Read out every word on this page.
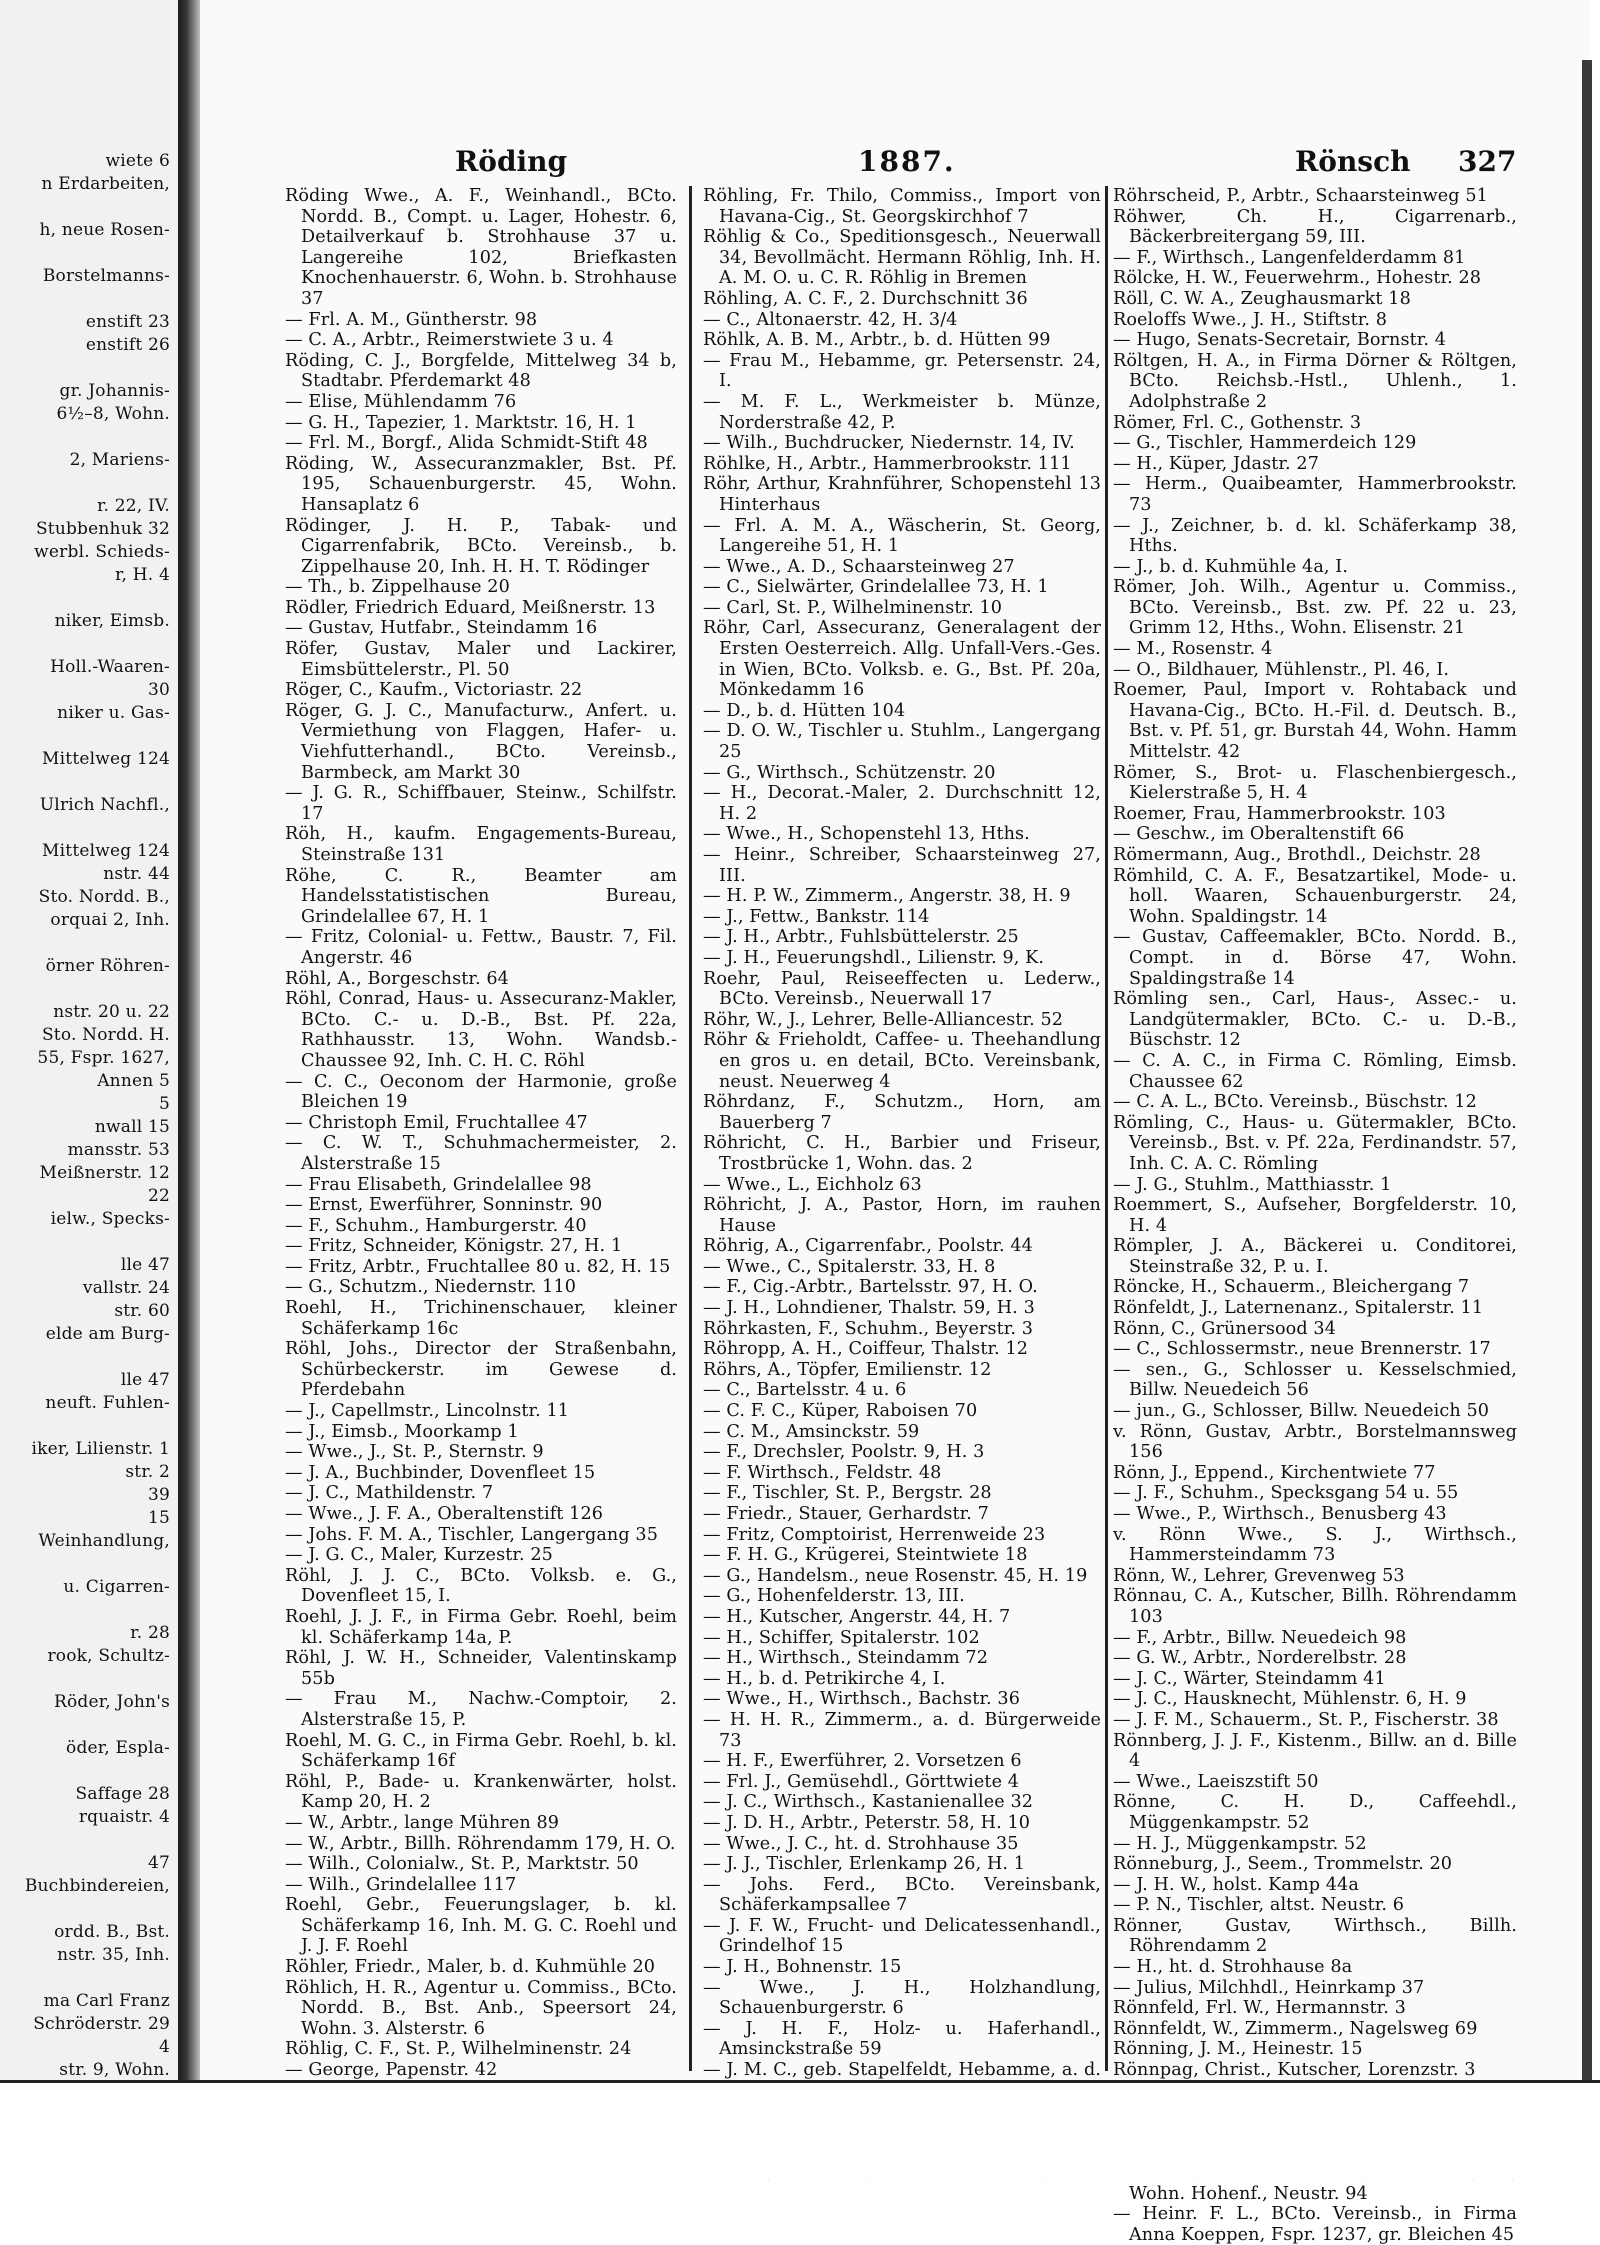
wiete 6
n Erdarbeiten,

h, neue Rosen-

Borstelmanns-

enstift 23
enstift 26

gr. Johannis-
6½–8, Wohn.

2, Mariens-

r. 22, IV.
Stubbenhuk 32
werbl. Schieds-
r, H. 4

niker, Eimsb.

Holl.-Waaren-
30
niker u. Gas-

Mittelweg 124

Ulrich Nachfl.,

Mittelweg 124
nstr. 44
Sto. Nordd. B.,
orquai 2, Inh.

örner Röhren-

nstr. 20 u. 22
Sto. Nordd. H.
55, Fspr. 1627,
Annen 5
5
nwall 15
mansstr. 53
Meißnerstr. 12
22
ielw., Specks-

lle 47
vallstr. 24
str. 60
elde am Burg-

lle 47
neuft. Fuhlen-

iker, Lilienstr. 1
str. 2
39
15
Weinhandlung,

u. Cigarren-

r. 28
rook, Schultz-

Röder, John's

öder, Espla-

Saffage 28
rquaistr. 4

47
Buchbindereien,

ordd. B., Bst.
nstr. 35, Inh.

ma Carl Franz
Schröderstr. 29
4
str. 9, Wohn.

Röding	1887.	Rönsch 327
Röding Wwe., A. F., Weinhandl., BCto. Nordd. B., Compt. u. Lager, Hohestr. 6, Detailverkauf b. Strohhause 37 u. Langereihe 102, Briefkasten Knochenhauerstr. 6, Wohn. b. Strohhause 37
— Frl. A. M., Güntherstr. 98
— C. A., Arbtr., Reimerstwiete 3 u. 4
Röding, C. J., Borgfelde, Mittelweg 34 b, Stadtabr. Pferdemarkt 48
— Elise, Mühlendamm 76
— G. H., Tapezier, 1. Marktstr. 16, H. 1
— Frl. M., Borgf., Alida Schmidt-Stift 48
Röding, W., Assecuranzmakler, Bst. Pf. 195, Schauenburgerstr. 45, Wohn. Hansaplatz 6
Rödinger, J. H. P., Tabak- und Cigarrenfabrik, BCto. Vereinsb., b. Zippelhause 20, Inh. H. H. T. Rödinger
— Th., b. Zippelhause 20
Rödler, Friedrich Eduard, Meißnerstr. 13
— Gustav, Hutfabr., Steindamm 16
Röfer, Gustav, Maler und Lackirer, Eimsbüttelerstr., Pl. 50
Röger, C., Kaufm., Victoriastr. 22
Röger, G. J. C., Manufacturw., Anfert. u. Vermiethung von Flaggen, Hafer- u. Viehfutterhandl., BCto. Vereinsb., Barmbeck, am Markt 30
— J. G. R., Schiffbauer, Steinw., Schilfstr. 17
Röh, H., kaufm. Engagements-Bureau, Steinstraße 131
Röhe, C. R., Beamter am Handelsstatistischen Bureau, Grindelallee 67, H. 1
— Fritz, Colonial- u. Fettw., Baustr. 7, Fil. Angerstr. 46
Röhl, A., Borgeschstr. 64
Röhl, Conrad, Haus- u. Assecuranz-Makler, BCto. C.- u. D.-B., Bst. Pf. 22a, Rathhausstr. 13, Wohn. Wandsb.-Chaussee 92, Inh. C. H. C. Röhl
— C. C., Oeconom der Harmonie, große Bleichen 19
— Christoph Emil, Fruchtallee 47
— C. W. T., Schuhmachermeister, 2. Alsterstraße 15
— Frau Elisabeth, Grindelallee 98
— Ernst, Ewerführer, Sonninstr. 90
— F., Schuhm., Hamburgerstr. 40
— Fritz, Schneider, Königstr. 27, H. 1
— Fritz, Arbtr., Fruchtallee 80 u. 82, H. 15
— G., Schutzm., Niedernstr. 110
Roehl, H., Trichinenschauer, kleiner Schäferkamp 16c
Röhl, Johs., Director der Straßenbahn, Schürbeckerstr. im Gewese d. Pferdebahn
— J., Capellmstr., Lincolnstr. 11
— J., Eimsb., Moorkamp 1
— Wwe., J., St. P., Sternstr. 9
— J. A., Buchbinder, Dovenfleet 15
— J. C., Mathildenstr. 7
— Wwe., J. F. A., Oberaltenstift 126
— Johs. F. M. A., Tischler, Langergang 35
— J. G. C., Maler, Kurzestr. 25
Röhl, J. J. C., BCto. Volksb. e. G., Dovenfleet 15, I.
Roehl, J. J. F., in Firma Gebr. Roehl, beim kl. Schäferkamp 14a, P.
Röhl, J. W. H., Schneider, Valentinskamp 55b
— Frau M., Nachw.-Comptoir, 2. Alsterstraße 15, P.
Roehl, M. G. C., in Firma Gebr. Roehl, b. kl. Schäferkamp 16f
Röhl, P., Bade- u. Krankenwärter, holst. Kamp 20, H. 2
— W., Arbtr., lange Mühren 89
— W., Arbtr., Billh. Röhrendamm 179, H. O.
— Wilh., Colonialw., St. P., Marktstr. 50
— Wilh., Grindelallee 117
Roehl, Gebr., Feuerungslager, b. kl. Schäferkamp 16, Inh. M. G. C. Roehl und J. J. F. Roehl
Röhler, Friedr., Maler, b. d. Kuhmühle 20
Röhlich, H. R., Agentur u. Commiss., BCto. Nordd. B., Bst. Anb., Speersort 24, Wohn. 3. Alsterstr. 6
Röhlig, C. F., St. P., Wilhelminenstr. 24
— George, Papenstr. 42
Röhling, Fr. Thilo, Commiss., Import von Havana-Cig., St. Georgskirchhof 7
Röhlig & Co., Speditionsgesch., Neuerwall 34, Bevollmächt. Hermann Röhlig, Inh. H. A. M. O. u. C. R. Röhlig in Bremen
Röhling, A. C. F., 2. Durchschnitt 36
— C., Altonaerstr. 42, H. 3/4
Röhlk, A. B. M., Arbtr., b. d. Hütten 99
— Frau M., Hebamme, gr. Petersenstr. 24, I.
— M. F. L., Werkmeister b. Münze, Norderstraße 42, P.
— Wilh., Buchdrucker, Niedernstr. 14, IV.
Röhlke, H., Arbtr., Hammerbrookstr. 111
Röhr, Arthur, Krahnführer, Schopenstehl 13 Hinterhaus
— Frl. A. M. A., Wäscherin, St. Georg, Langereihe 51, H. 1
— Wwe., A. D., Schaarsteinweg 27
— C., Sielwärter, Grindelallee 73, H. 1
— Carl, St. P., Wilhelminenstr. 10
Röhr, Carl, Assecuranz, Generalagent der Ersten Oesterreich. Allg. Unfall-Vers.-Ges. in Wien, BCto. Volksb. e. G., Bst. Pf. 20a, Mönkedamm 16
— D., b. d. Hütten 104
— D. O. W., Tischler u. Stuhlm., Langergang 25
— G., Wirthsch., Schützenstr. 20
— H., Decorat.-Maler, 2. Durchschnitt 12, H. 2
— Wwe., H., Schopenstehl 13, Hths.
— Heinr., Schreiber, Schaarsteinweg 27, III.
— H. P. W., Zimmerm., Angerstr. 38, H. 9
— J., Fettw., Bankstr. 114
— J. H., Arbtr., Fuhlsbüttelerstr. 25
— J. H., Feuerungshdl., Lilienstr. 9, K.
Roehr, Paul, Reiseeffecten u. Lederw., BCto. Vereinsb., Neuerwall 17
Röhr, W., J., Lehrer, Belle-Alliancestr. 52
Röhr & Frieholdt, Caffee- u. Theehandlung en gros u. en detail, BCto. Vereinsbank, neust. Neuerweg 4
Röhrdanz, F., Schutzm., Horn, am Bauerberg 7
Röhricht, C. H., Barbier und Friseur, Trostbrücke 1, Wohn. das. 2
— Wwe., L., Eichholz 63
Röhricht, J. A., Pastor, Horn, im rauhen Hause
Röhrig, A., Cigarrenfabr., Poolstr. 44
— Wwe., C., Spitalerstr. 33, H. 8
— F., Cig.-Arbtr., Bartelsstr. 97, H. O.
— J. H., Lohndiener, Thalstr. 59, H. 3
Röhrkasten, F., Schuhm., Beyerstr. 3
Röhropp, A. H., Coiffeur, Thalstr. 12
Röhrs, A., Töpfer, Emilienstr. 12
— C., Bartelsstr. 4 u. 6
— C. F. C., Küper, Raboisen 70
— C. M., Amsinckstr. 59
— F., Drechsler, Poolstr. 9, H. 3
— F. Wirthsch., Feldstr. 48
— F., Tischler, St. P., Bergstr. 28
— Friedr., Stauer, Gerhardstr. 7
— Fritz, Comptoirist, Herrenweide 23
— F. H. G., Krügerei, Steintwiete 18
— G., Handelsm., neue Rosenstr. 45, H. 19
— G., Hohenfelderstr. 13, III.
— H., Kutscher, Angerstr. 44, H. 7
— H., Schiffer, Spitalerstr. 102
— H., Wirthsch., Steindamm 72
— H., b. d. Petrikirche 4, I.
— Wwe., H., Wirthsch., Bachstr. 36
— H. H. R., Zimmerm., a. d. Bürgerweide 73
— H. F., Ewerführer, 2. Vorsetzen 6
— Frl. J., Gemüsehdl., Görttwiete 4
— J. C., Wirthsch., Kastanienallee 32
— J. D. H., Arbtr., Peterstr. 58, H. 10
— Wwe., J. C., ht. d. Strohhause 35
— J. J., Tischler, Erlenkamp 26, H. 1
— Johs. Ferd., BCto. Vereinsbank, Schäferkampsallee 7
— J. F. W., Frucht- und Delicatessenhandl., Grindelhof 15
— J. H., Bohnenstr. 15
— Wwe., J. H., Holzhandlung, Schauenburgerstr. 6
— J. H. F., Holz- u. Haferhandl., Amsinckstraße 59
— J. M. C., geb. Stapelfeldt, Hebamme, a. d.
Röhrscheid, P., Arbtr., Schaarsteinweg 51
Röhwer, Ch. H., Cigarrenarb., Bäckerbreitergang 59, III.
— F., Wirthsch., Langenfelderdamm 81
Rölcke, H. W., Feuerwehrm., Hohestr. 28
Röll, C. W. A., Zeughausmarkt 18
Roeloffs Wwe., J. H., Stiftstr. 8
— Hugo, Senats-Secretair, Bornstr. 4
Röltgen, H. A., in Firma Dörner & Röltgen, BCto. Reichsb.-Hstl., Uhlenh., 1. Adolphstraße 2
Römer, Frl. C., Gothenstr. 3
— G., Tischler, Hammerdeich 129
— H., Küper, Jdastr. 27
— Herm., Quaibeamter, Hammerbrookstr. 73
— J., Zeichner, b. d. kl. Schäferkamp 38, Hths.
— J., b. d. Kuhmühle 4a, I.
Römer, Joh. Wilh., Agentur u. Commiss., BCto. Vereinsb., Bst. zw. Pf. 22 u. 23, Grimm 12, Hths., Wohn. Elisenstr. 21
— M., Rosenstr. 4
— O., Bildhauer, Mühlenstr., Pl. 46, I.
Roemer, Paul, Import v. Rohtaback und Havana-Cig., BCto. H.-Fil. d. Deutsch. B., Bst. v. Pf. 51, gr. Burstah 44, Wohn. Hamm Mittelstr. 42
Römer, S., Brot- u. Flaschenbiergesch., Kielerstraße 5, H. 4
Roemer, Frau, Hammerbrookstr. 103
— Geschw., im Oberaltenstift 66
Römermann, Aug., Brothdl., Deichstr. 28
Römhild, C. A. F., Besatzartikel, Mode- u. holl. Waaren, Schauenburgerstr. 24, Wohn. Spaldingstr. 14
— Gustav, Caffeemakler, BCto. Nordd. B., Compt. in d. Börse 47, Wohn. Spaldingstraße 14
Römling sen., Carl, Haus-, Assec.- u. Landgütermakler, BCto. C.- u. D.-B., Büschstr. 12
— C. A. C., in Firma C. Römling, Eimsb. Chaussee 62
— C. A. L., BCto. Vereinsb., Büschstr. 12
Römling, C., Haus- u. Gütermakler, BCto. Vereinsb., Bst. v. Pf. 22a, Ferdinandstr. 57, Inh. C. A. C. Römling
— J. G., Stuhlm., Matthiasstr. 1
Roemmert, S., Aufseher, Borgfelderstr. 10, H. 4
Römpler, J. A., Bäckerei u. Conditorei, Steinstraße 32, P. u. I.
Röncke, H., Schauerm., Bleichergang 7
Rönfeldt, J., Laternenanz., Spitalerstr. 11
Rönn, C., Grünersood 34
— C., Schlossermstr., neue Brennerstr. 17
— sen., G., Schlosser u. Kesselschmied, Billw. Neuedeich 56
— jun., G., Schlosser, Billw. Neuedeich 50
v. Rönn, Gustav, Arbtr., Borstelmannsweg 156
Rönn, J., Eppend., Kirchentwiete 77
— J. F., Schuhm., Specksgang 54 u. 55
— Wwe., P., Wirthsch., Benusberg 43
v. Rönn Wwe., S. J., Wirthsch., Hammersteindamm 73
Rönn, W., Lehrer, Grevenweg 53
Rönnau, C. A., Kutscher, Billh. Röhrendamm 103
— F., Arbtr., Billw. Neuedeich 98
— G. W., Arbtr., Norderelbstr. 28
— J. C., Wärter, Steindamm 41
— J. C., Hausknecht, Mühlenstr. 6, H. 9
— J. F. M., Schauerm., St. P., Fischerstr. 38
Rönnberg, J. J. F., Kistenm., Billw. an d. Bille 4
— Wwe., Laeiszstift 50
Rönne, C. H. D., Caffeehdl., Müggenkampstr. 52
— H. J., Müggenkampstr. 52
Rönneburg, J., Seem., Trommelstr. 20
— J. H. W., holst. Kamp 44a
— P. N., Tischler, altst. Neustr. 6
Rönner, Gustav, Wirthsch., Billh. Röhrendamm 2
— H., ht. d. Strohhause 8a
— Julius, Milchhdl., Heinrkamp 37
Rönnfeld, Frl. W., Hermannstr. 3
Rönnfeldt, W., Zimmerm., Nagelsweg 69
Rönning, J. M., Heinestr. 15
Rönnpag, Christ., Kutscher, Lorenzstr. 3
Wohn. Hohenf., Neustr. 94
— Heinr. F. L., BCto. Vereinsb., in Firma Anna Koeppen, Fspr. 1237, gr. Bleichen 45
